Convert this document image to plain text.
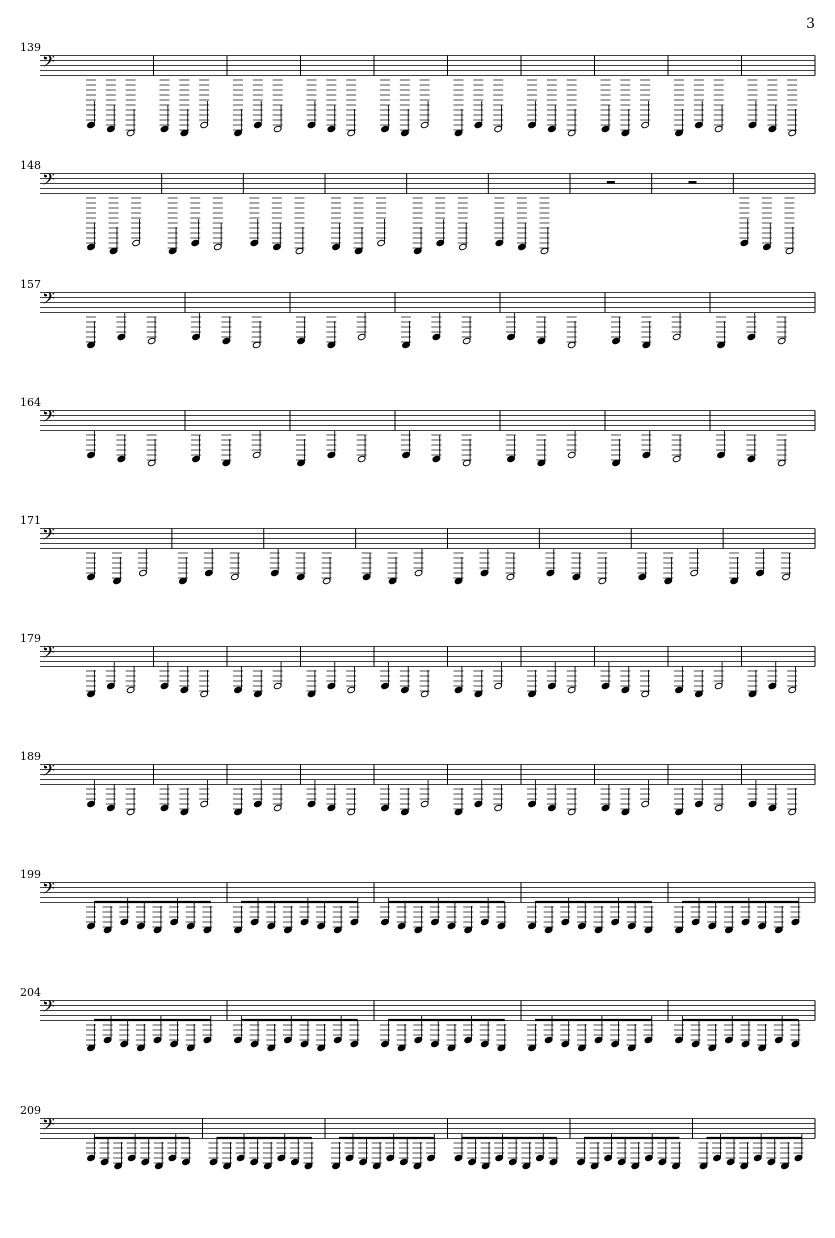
3
139
𝄢
148
𝄢
157
𝄢
164
𝄢
171
𝄢
179
𝄢
189
𝄢
199
𝄢
204
𝄢
209
𝄢
